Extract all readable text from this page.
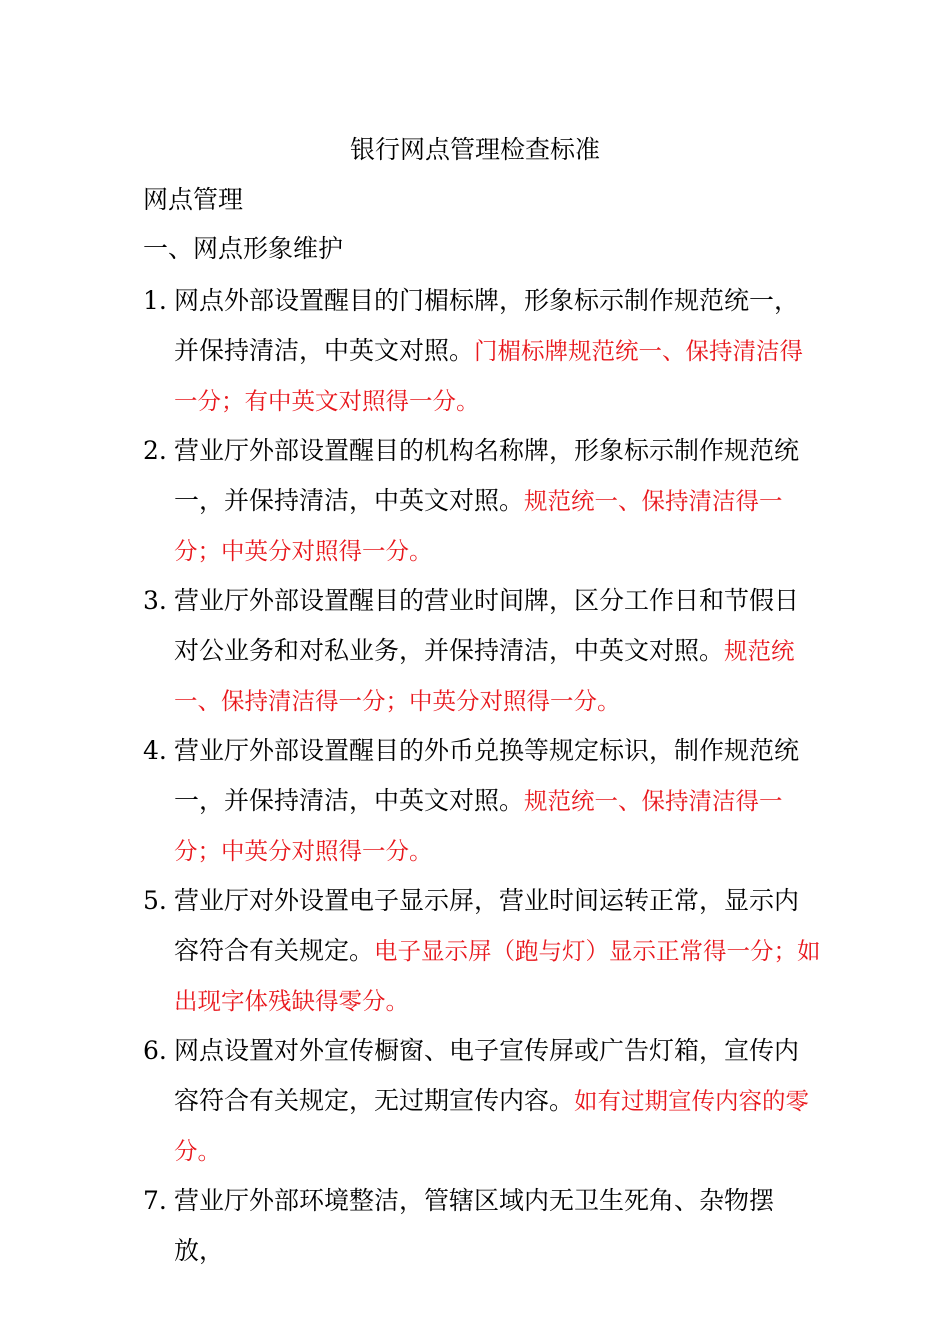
银行网点管理检查标准
网点管理
一、网点形象维护
1. 网点外部设置醒目的门楣标牌，形象标示制作规范统一，并保持清洁，中英文对照。门楣标牌规范统一、保持清洁得一分；有中英文对照得一分。
2. 营业厅外部设置醒目的机构名称牌，形象标示制作规范统一，并保持清洁，中英文对照。规范统一、保持清洁得一分；中英分对照得一分。
3. 营业厅外部设置醒目的营业时间牌，区分工作日和节假日对公业务和对私业务，并保持清洁，中英文对照。规范统一、保持清洁得一分；中英分对照得一分。
4. 营业厅外部设置醒目的外币兑换等规定标识，制作规范统一，并保持清洁，中英文对照。规范统一、保持清洁得一分；中英分对照得一分。
5. 营业厅对外设置电子显示屏，营业时间运转正常，显示内容符合有关规定。电子显示屏（跑与灯）显示正常得一分；如出现字体残缺得零分。
6. 网点设置对外宣传橱窗、电子宣传屏或广告灯箱，宣传内容符合有关规定，无过期宣传内容。如有过期宣传内容的零分。
7. 营业厅外部环境整洁，管辖区域内无卫生死角、杂物摆放，
